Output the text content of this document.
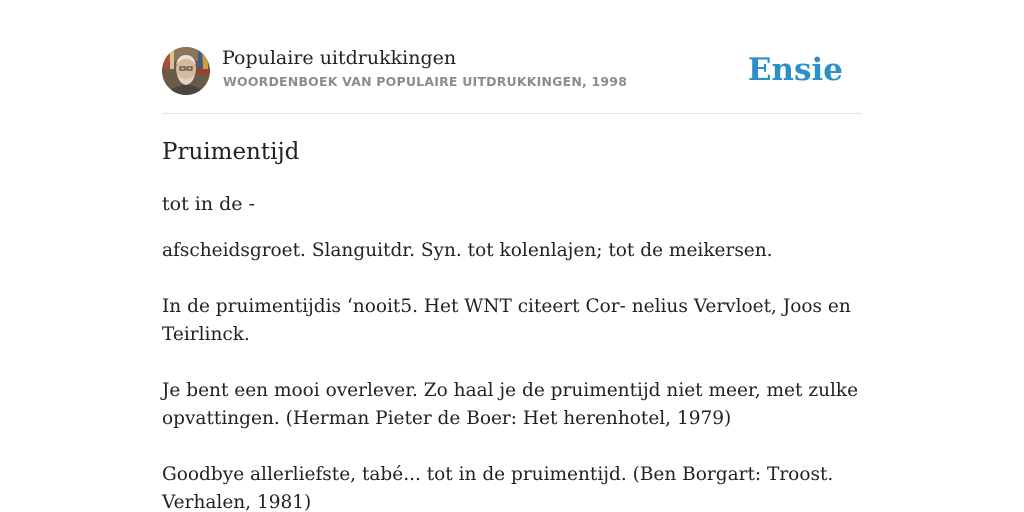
Populaire uitdrukkingen
WOORDENBOEK VAN POPULAIRE UITDRUKKINGEN, 1998	Ensie
Pruimentijd
tot in de -

afscheidsgroet. Slanguitdr. Syn. tot kolenlajen; tot de meikersen.

In de pruimentijdis ‘nooit5. Het WNT citeert Cor- nelius Vervloet, Joos en Teirlinck.

Je bent een mooi overlever. Zo haal je de pruimentijd niet meer, met zulke opvattingen. (Herman Pieter de Boer: Het herenhotel, 1979)

Goodbye allerliefste, tabé... tot in de pruimentijd. (Ben Borgart: Troost. Verhalen, 1981)
